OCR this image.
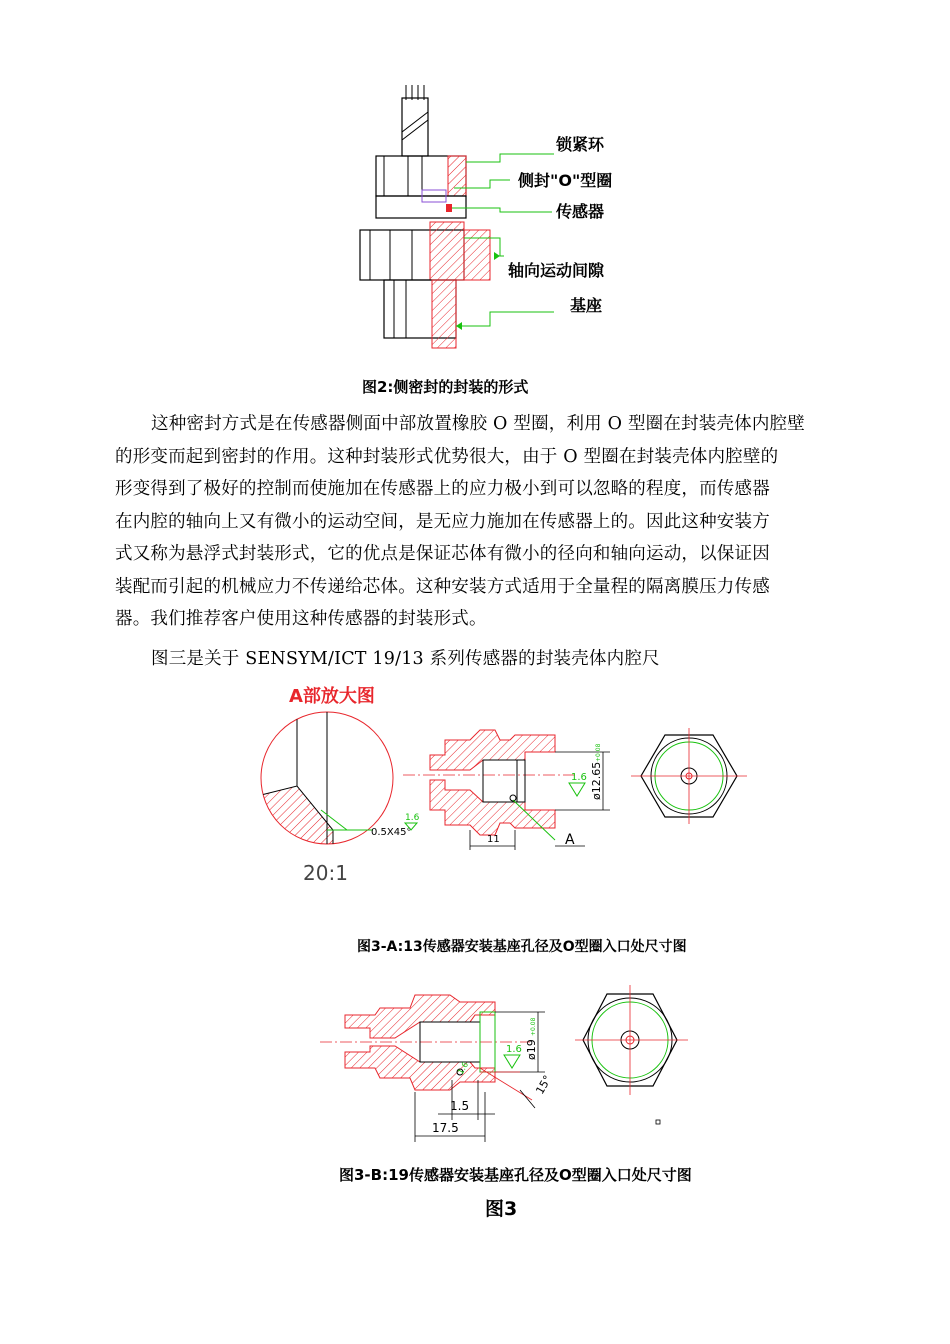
锁紧环
侧封"O"型圈
传感器
轴向运动间隙
基座
图2:侧密封的封装的形式
这种密封方式是在传感器侧面中部放置橡胶 O 型圈，利用 O 型圈在封装壳体内腔壁
的形变而起到密封的作用。这种封装形式优势很大，由于 O 型圈在封装壳体内腔壁的
形变得到了极好的控制而使施加在传感器上的应力极小到可以忽略的程度，而传感器
在内腔的轴向上又有微小的运动空间，是无应力施加在传感器上的。因此这种安装方
式又称为悬浮式封装形式，它的优点是保证芯体有微小的径向和轴向运动，以保证因
装配而引起的机械应力不传递给芯体。这种安装方式适用于全量程的隔离膜压力传感
器。我们推荐客户使用这种传感器的封装形式。
图三是关于 SENSYM/ICT 19/13 系列传感器的封装壳体内腔尺
A部放大图
0.5X45°
1.6
20:1
11	A
1.6 ø12.65
+0.08
图3-A:13传感器安装基座孔径及O型圈入口处尺寸图
ø19
+0.08
1.6
1.6
15°
1.5
17.5
图3-B:19传感器安装基座孔径及O型圈入口处尺寸图
图3
